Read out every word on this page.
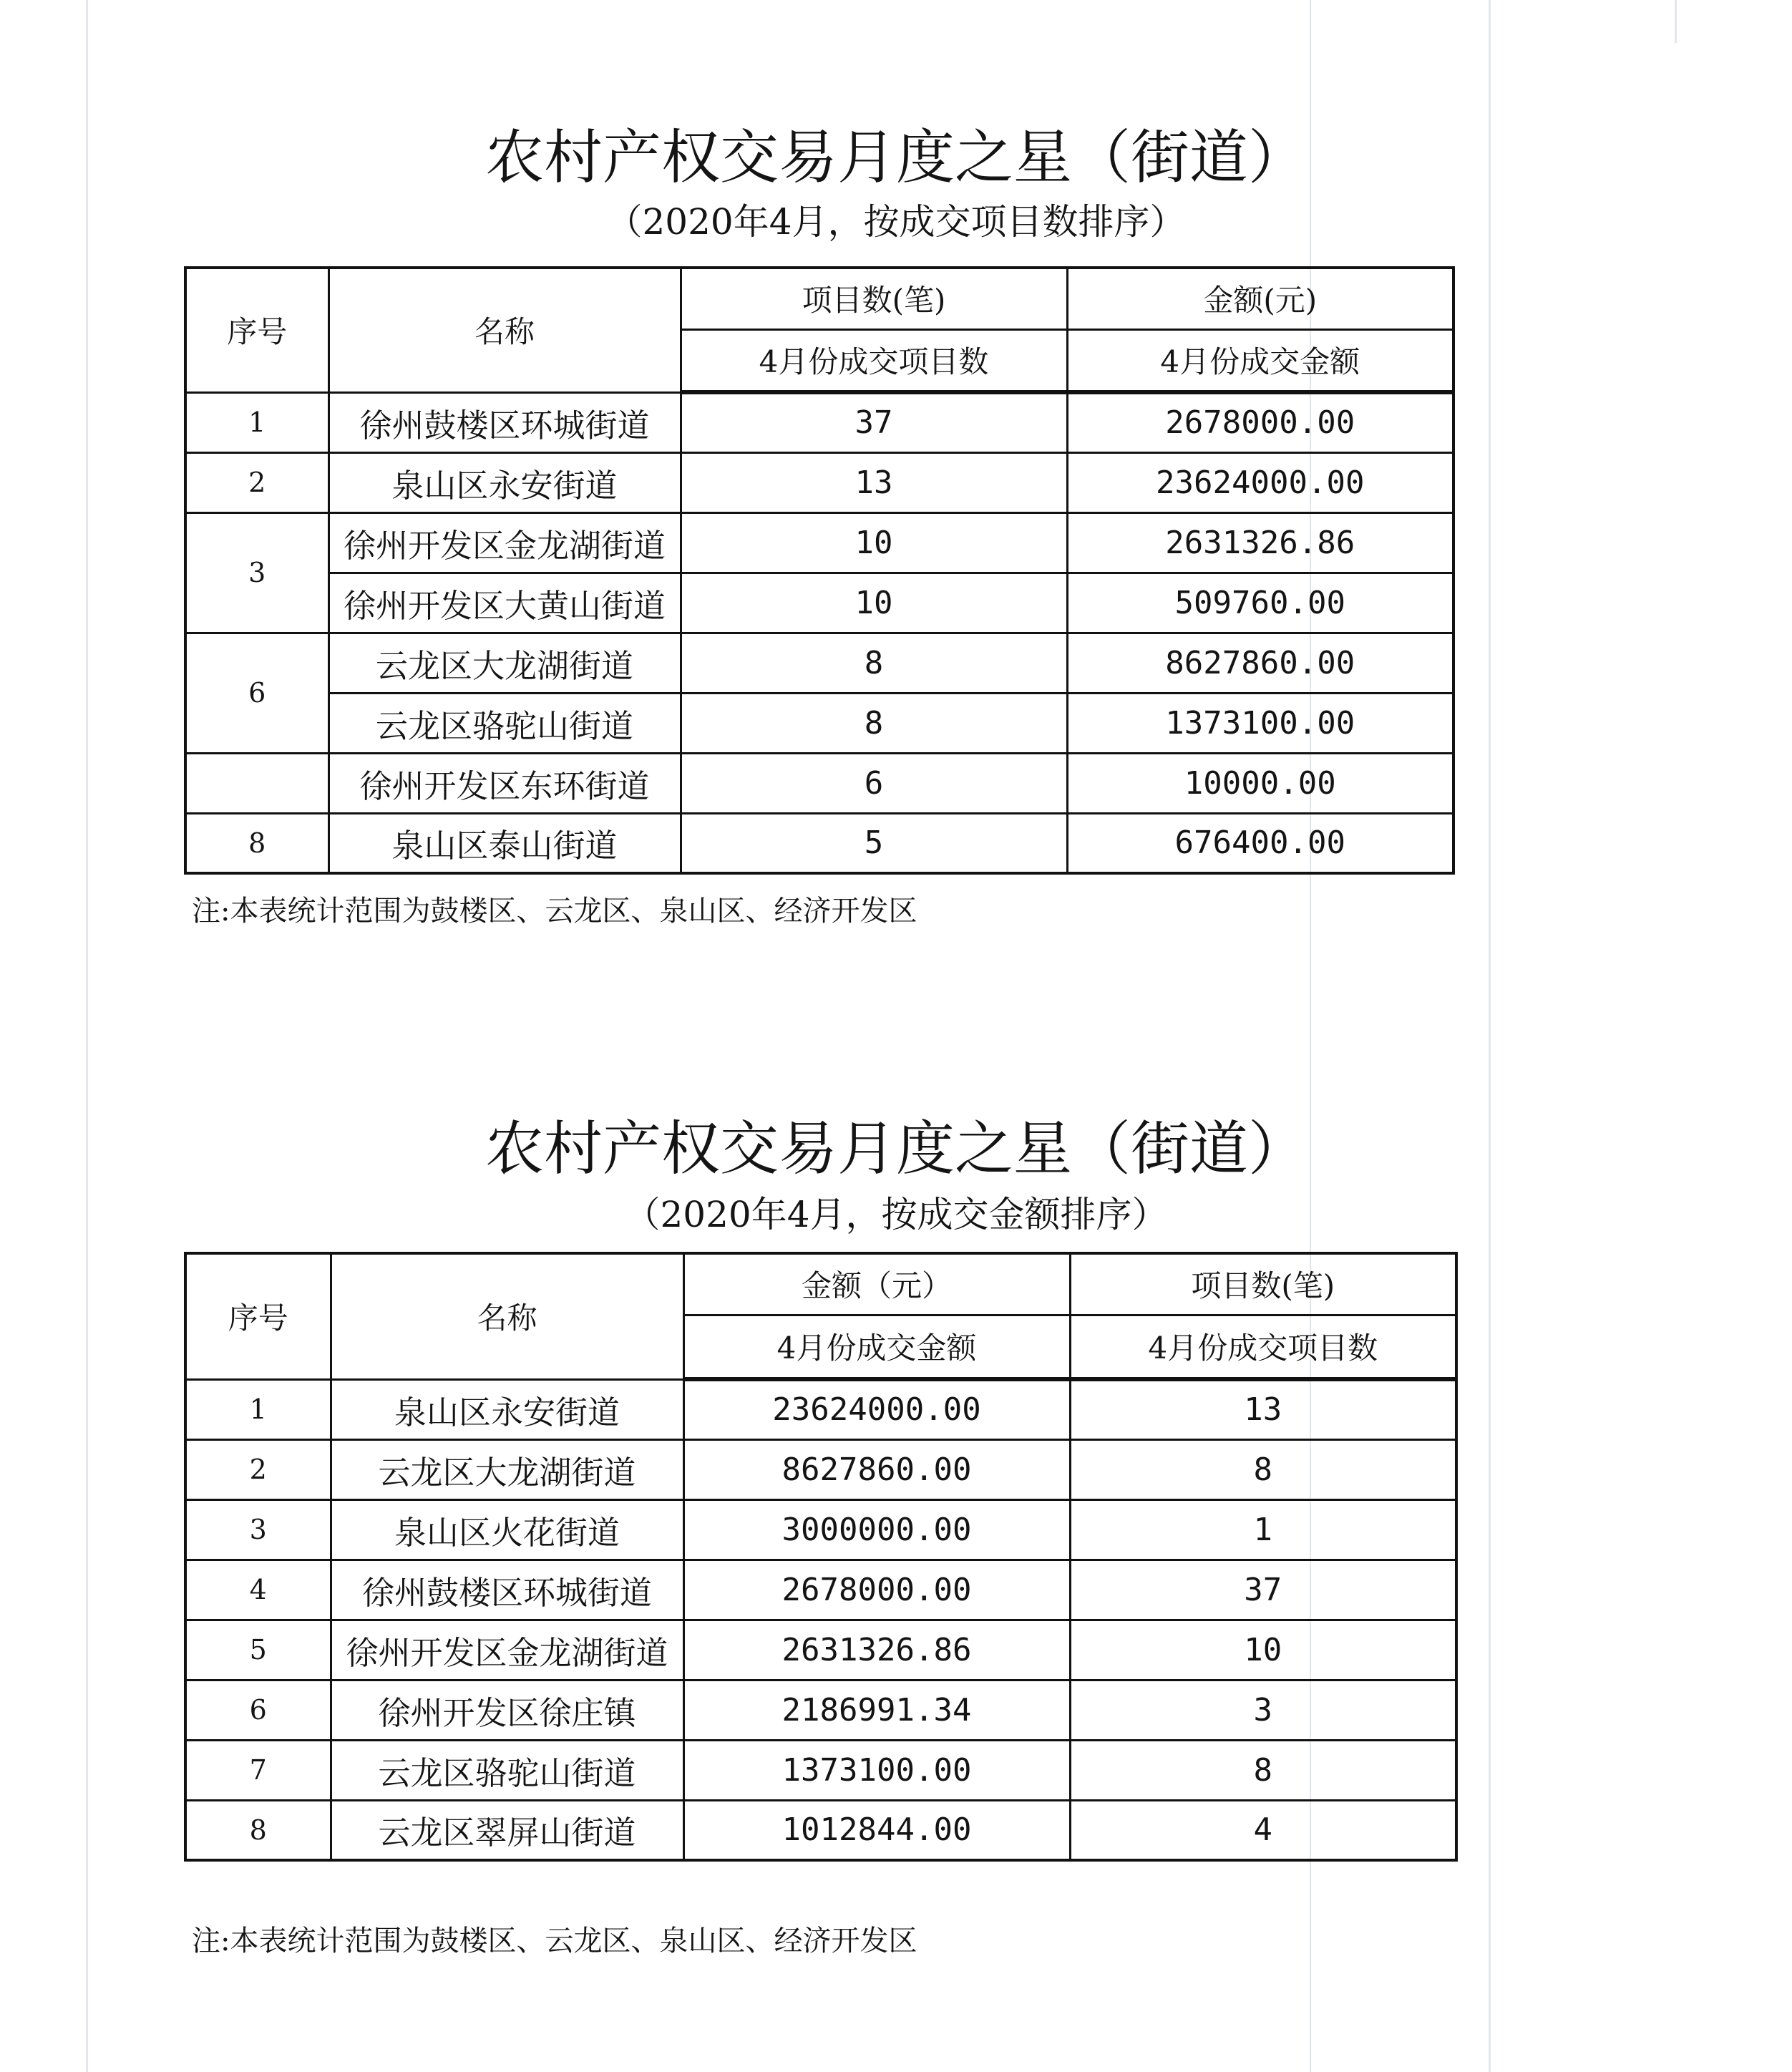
农村产权交易月度之星（街道）
（2020年4月，按成交项目数排序）
序号	名称	项目数(笔)	金额(元)
		4月份成交项目数	4月份成交金额
1	徐州鼓楼区环城街道	37	2678000.00
2	泉山区永安街道	13	23624000.00
3	徐州开发区金龙湖街道	10	2631326.86
	徐州开发区大黄山街道	10	509760.00
6	云龙区大龙湖街道	8	8627860.00
	云龙区骆驼山街道	8	1373100.00
	徐州开发区东环街道	6	10000.00
8	泉山区泰山街道	5	676400.00
注:本表统计范围为鼓楼区、云龙区、泉山区、经济开发区
农村产权交易月度之星（街道）
（2020年4月，按成交金额排序）
序号	名称	金额（元）	项目数(笔)
		4月份成交金额	4月份成交项目数
1	泉山区永安街道	23624000.00	13
2	云龙区大龙湖街道	8627860.00	8
3	泉山区火花街道	3000000.00	1
4	徐州鼓楼区环城街道	2678000.00	37
5	徐州开发区金龙湖街道	2631326.86	10
6	徐州开发区徐庄镇	2186991.34	3
7	云龙区骆驼山街道	1373100.00	8
8	云龙区翠屏山街道	1012844.00	4
注:本表统计范围为鼓楼区、云龙区、泉山区、经济开发区
